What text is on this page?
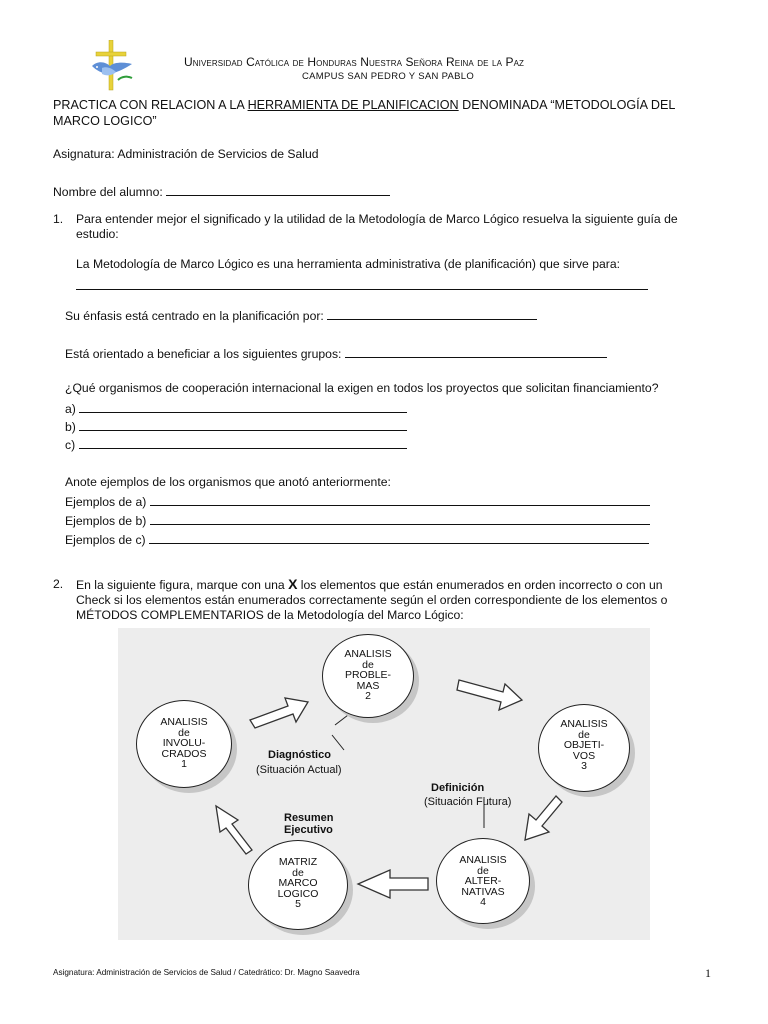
Universidad Católica de Honduras Nuestra Señora Reina de la Paz
CAMPUS SAN PEDRO Y SAN PABLO
PRACTICA CON RELACION A LA HERRAMIENTA DE PLANIFICACION DENOMINADA “METODOLOGÍA DEL MARCO LOGICO”
Asignatura: Administración de Servicios de Salud
Nombre del alumno:
1. Para entender mejor el significado y la utilidad de la Metodología de Marco Lógico resuelva la siguiente guía de
estudio:
La Metodología de Marco Lógico es una herramienta administrativa (de planificación) que sirve para:
Su énfasis está centrado en la planificación por:
Está orientado a beneficiar a los siguientes grupos:
¿Qué organismos de cooperación internacional la exigen en todos los proyectos que solicitan financiamiento?
a)
b)
c)
Anote ejemplos de los organismos que anotó anteriormente:
Ejemplos de a)
Ejemplos de b)
Ejemplos de c)
2. En la siguiente figura, marque con una X los elementos que están enumerados en orden incorrecto o con un
Check si los elementos están enumerados correctamente según el orden correspondiente de los elementos o
MÉTODOS COMPLEMENTARIOS de la Metodología del Marco Lógico:
ANALISIS
de
PROBLE-
MAS
2
ANALISIS
de
INVOLU-
CRADOS
1
ANALISIS
de
OBJETI-
VOS
3
ANALISIS
de
ALTER-
NATIVAS
4
MATRIZ
de
MARCO
LOGICO
5
Diagnóstico
(Situación Actual)
Definición
(Situación Futura)
Resumen
Ejecutivo
Asignatura: Administración de Servicios de Salud / Catedrático: Dr. Magno Saavedra	1
